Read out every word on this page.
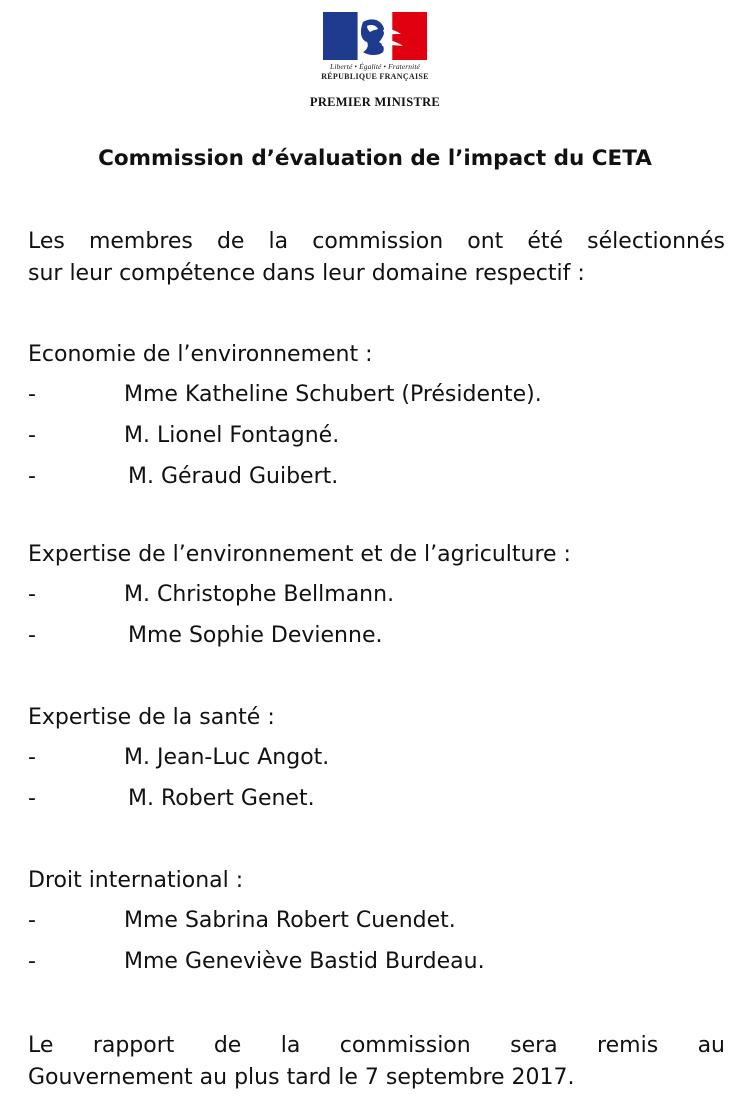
Liberté • Égalité • Fraternité
RÉPUBLIQUE FRANÇAISE
PREMIER MINISTRE
Commission d’évaluation de l’impact du CETA
Les membres de la commission ont été sélectionnés
sur leur compétence dans leur domaine respectif :
Economie de l’environnement :
-	Mme Katheline Schubert (Présidente).
-	M. Lionel Fontagné.
-	M. Géraud Guibert.
Expertise de l’environnement et de l’agriculture :
-	M. Christophe Bellmann.
-	Mme Sophie Devienne.
Expertise de la santé :
-	M. Jean-Luc Angot.
-	M. Robert Genet.
Droit international :
-	Mme Sabrina Robert Cuendet.
-	Mme Geneviève Bastid Burdeau.
Le rapport de la commission sera remis au
Gouvernement au plus tard le 7 septembre 2017.
